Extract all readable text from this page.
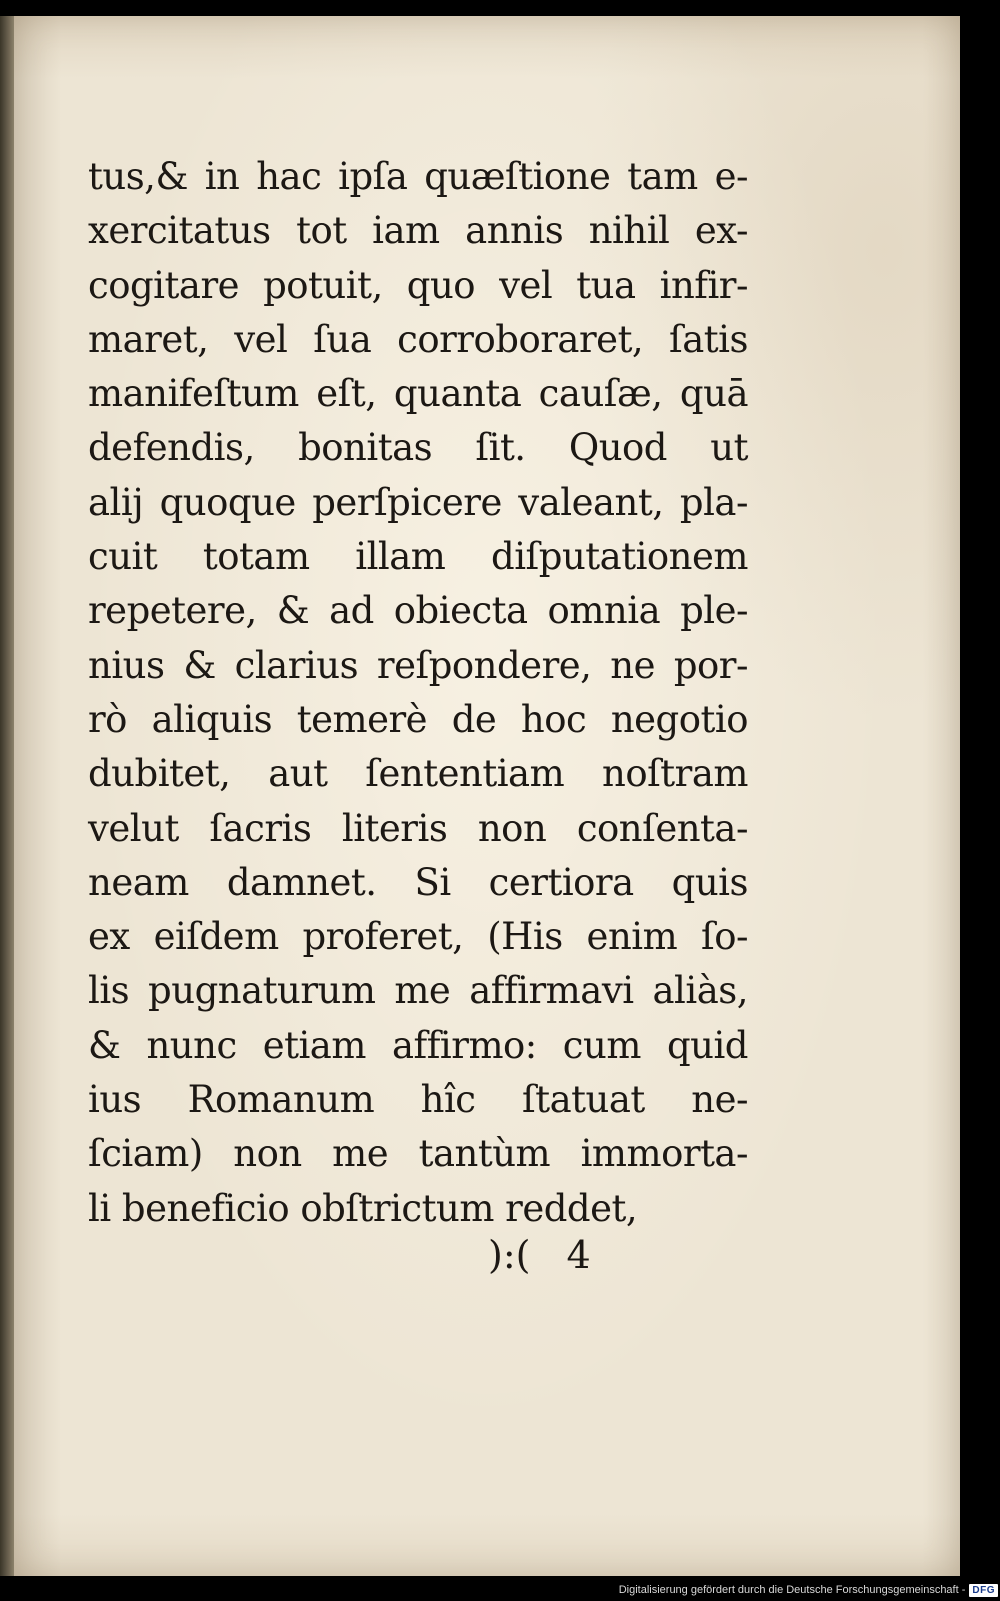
tus,& in hac ipſa quæſtione tam e-
xercitatus tot iam annis nihil ex-
cogitare potuit, quo vel tua infir-
maret, vel ſua corroboraret, ſatis
manifeſtum eſt, quanta cauſæ, quā
defendis, bonitas ſit. Quod ut
alij quoque perſpicere valeant, pla-
cuit totam illam diſputationem
repetere, & ad obiecta omnia ple-
nius & clarius reſpondere, ne por-
rò aliquis temerè de hoc negotio
dubitet, aut ſententiam noſtram
velut ſacris literis non conſenta-
neam damnet. Si certiora quis
ex eiſdem proferet, (His enim ſo-
lis pugnaturum me affirmavi aliàs,
& nunc etiam affirmo: cum quid
ius Romanum hîc ſtatuat ne-
ſciam) non me tantùm immorta-
li beneficio obſtrictum reddet,
):( 4
Digitalisierung gefördert durch die Deutsche Forschungsgemeinschaft - DFG
